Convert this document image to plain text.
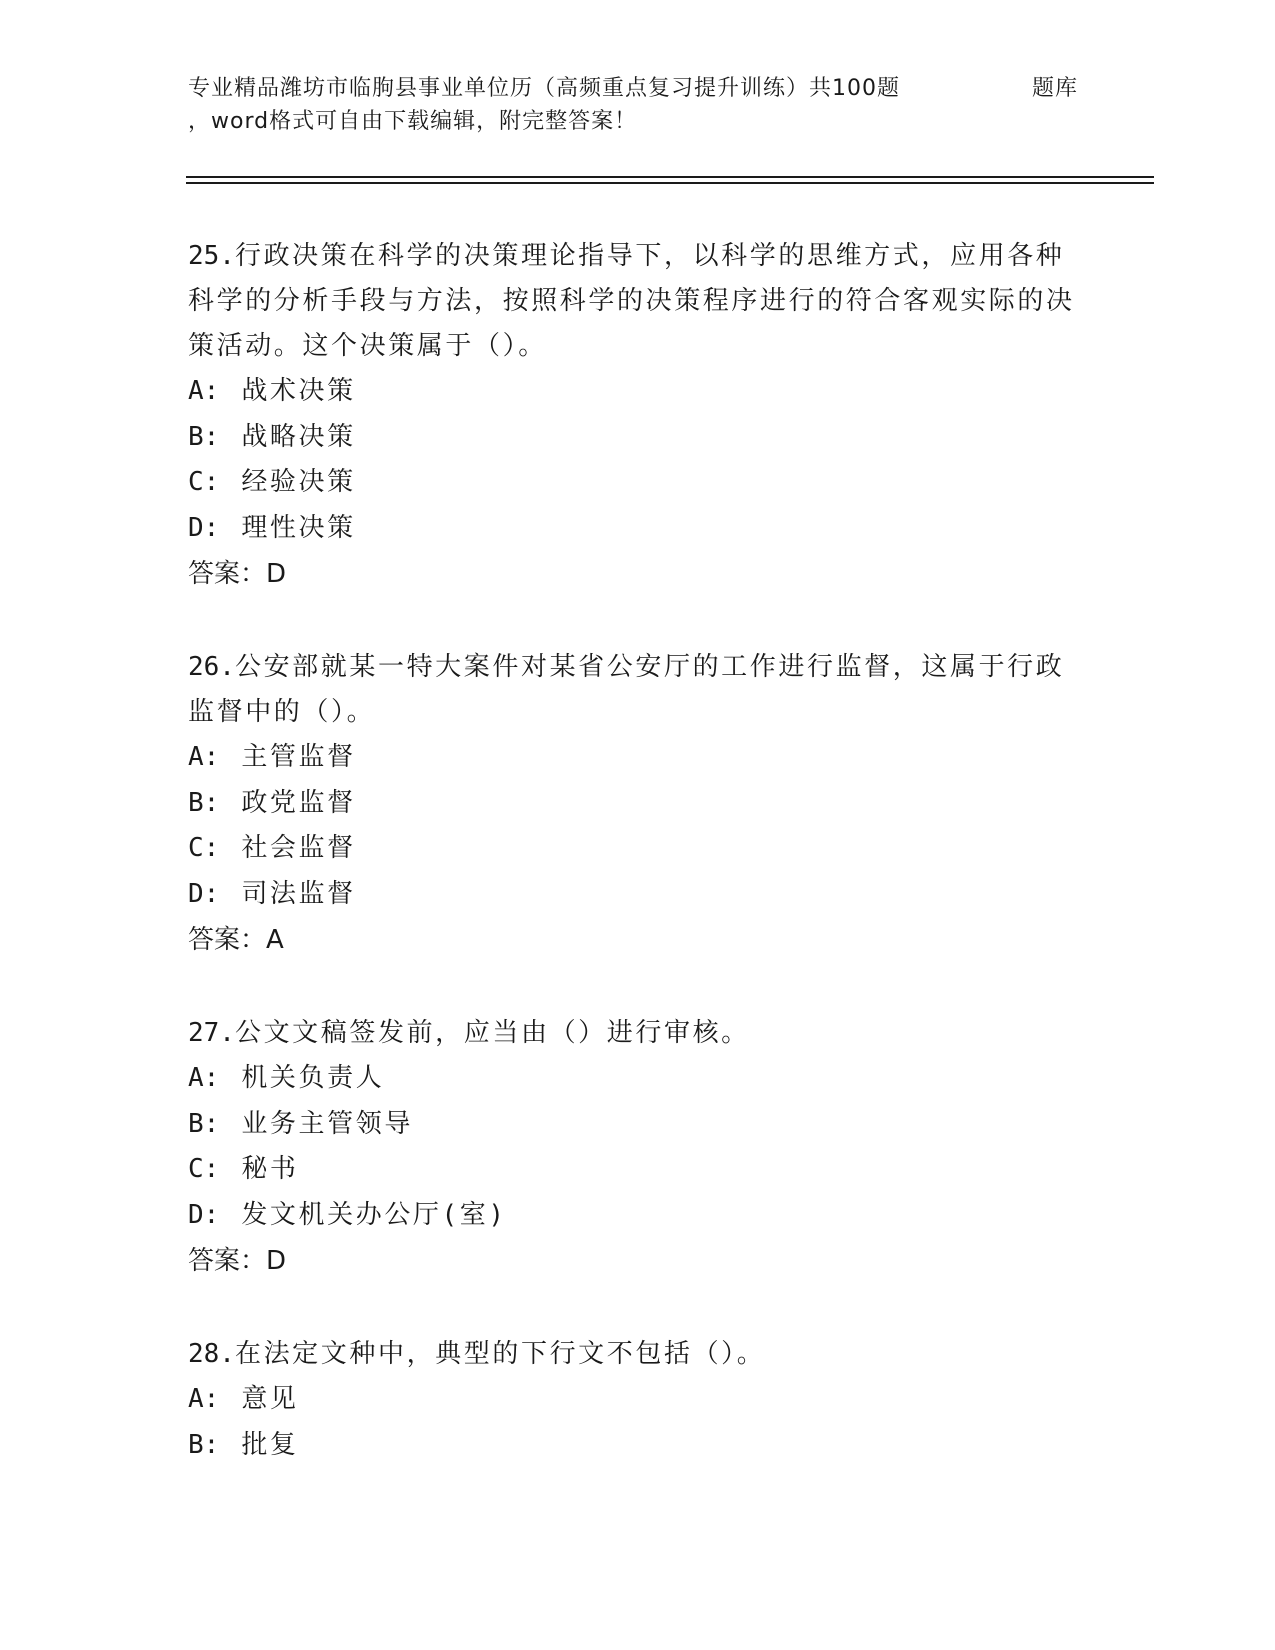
专业精品潍坊市临朐县事业单位历（高频重点复习提升训练）共100题	题库
，word格式可自由下载编辑，附完整答案！

25.行政决策在科学的决策理论指导下，以科学的思维方式，应用各种科学的分析手段与方法，按照科学的决策程序进行的符合客观实际的决策活动。这个决策属于（）。

A: 战术决策
B: 战略决策
C: 经验决策
D: 理性决策
答案：D

26.公安部就某一特大案件对某省公安厅的工作进行监督，这属于行政监督中的（）。

A: 主管监督
B: 政党监督
C: 社会监督
D: 司法监督
答案：A

27.公文文稿签发前，应当由（）进行审核。

A: 机关负责人
B: 业务主管领导
C: 秘书
D: 发文机关办公厅(室)
答案：D

28.在法定文种中，典型的下行文不包括（）。

A: 意见
B: 批复
